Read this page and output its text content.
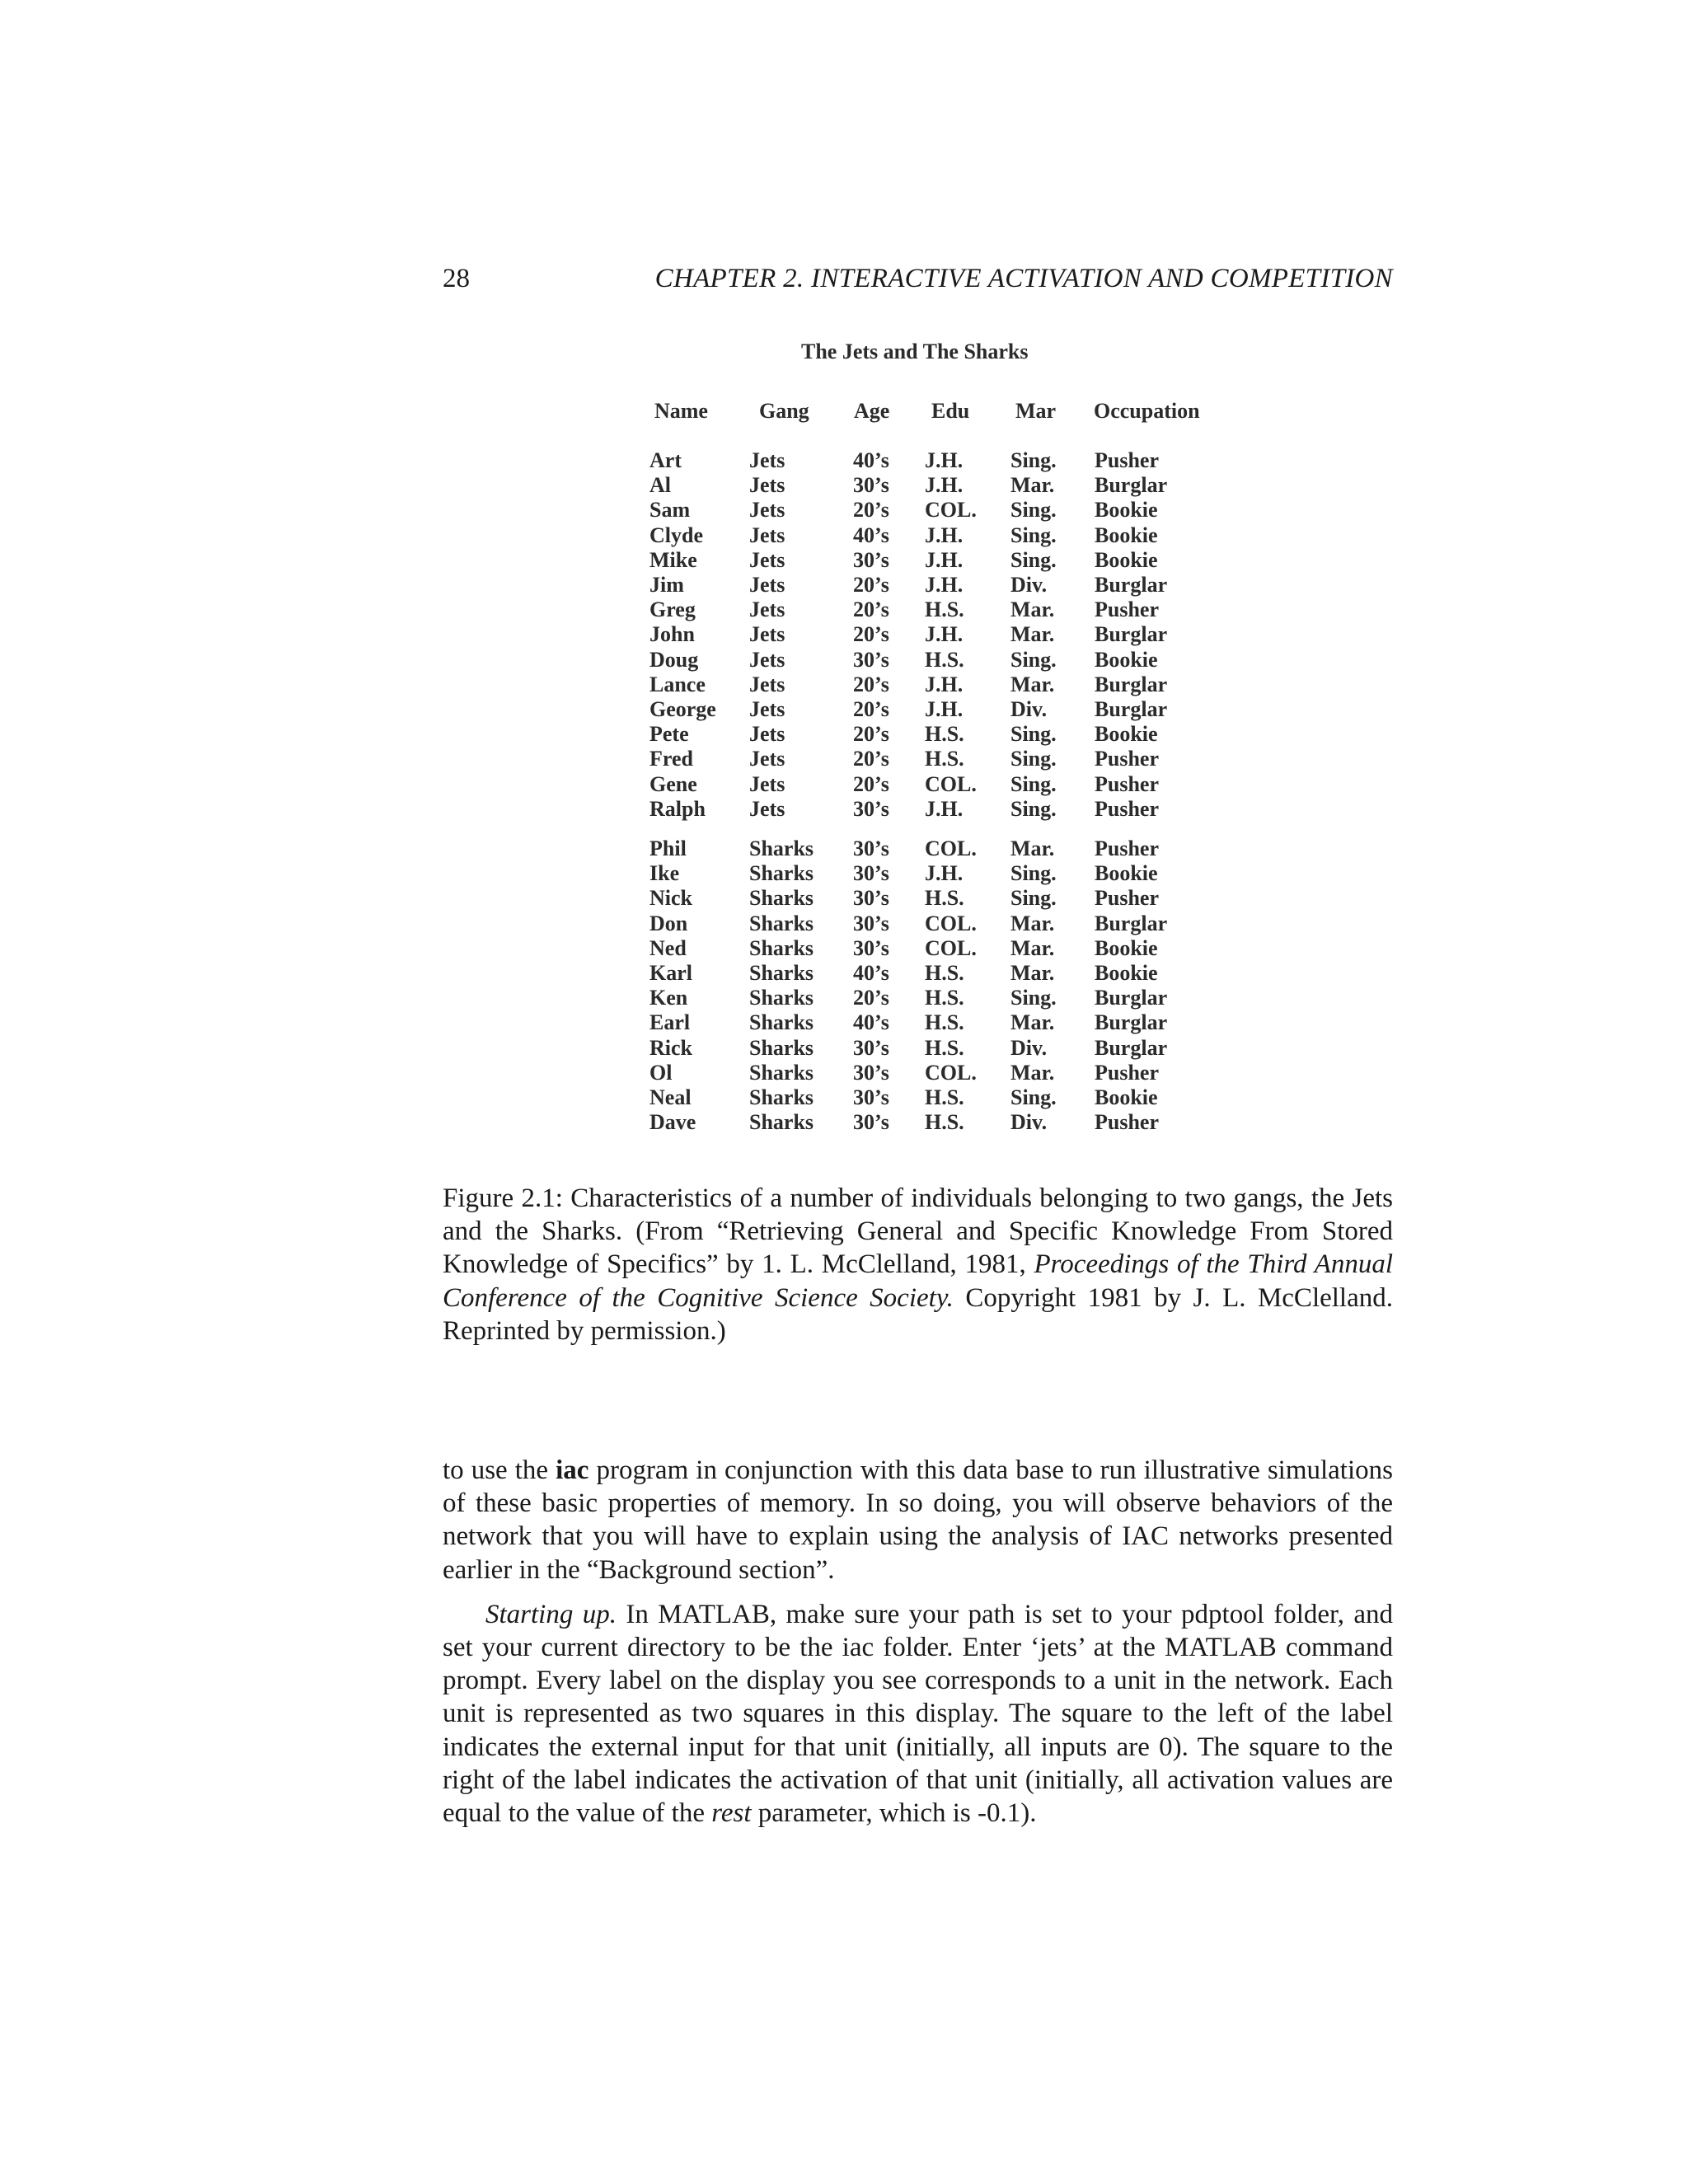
28	CHAPTER 2. INTERACTIVE ACTIVATION AND COMPETITION
The Jets and The Sharks
Name Gang Age Edu Mar Occupation
Art	Jets	40’s J.H. Sing. Pusher
Al	Jets	30’s J.H. Mar. Burglar
Sam	Jets	20’s COL. Sing. Bookie
Clyde Jets	40’s J.H. Sing. Bookie
Mike Jets	30’s J.H. Sing. Bookie
Jim	Jets	20’s J.H. Div. Burglar
Greg	Jets	20’s H.S. Mar. Pusher
John	Jets	20’s J.H. Mar. Burglar
Doug Jets	30’s H.S. Sing. Bookie
Lance Jets	20’s J.H. Mar. Burglar
George Jets	20’s J.H. Div. Burglar
Pete	Jets	20’s H.S. Sing. Bookie
Fred	Jets	20’s H.S. Sing. Pusher
Gene Jets	20’s COL. Sing. Pusher
Ralph Jets	30’s J.H. Sing. Pusher
Phil	Sharks 30’s COL. Mar. Pusher
Ike	Sharks 30’s J.H. Sing. Bookie
Nick	Sharks 30’s H.S. Sing. Pusher
Don	Sharks 30’s COL. Mar. Burglar
Ned	Sharks 30’s COL. Mar. Bookie
Karl	Sharks 40’s H.S. Mar. Bookie
Ken	Sharks 20’s H.S. Sing. Burglar
Earl	Sharks 40’s H.S. Mar. Burglar
Rick	Sharks 30’s H.S. Div. Burglar
Ol	Sharks 30’s COL. Mar. Pusher
Neal	Sharks 30’s H.S. Sing. Bookie
Dave Sharks 30’s H.S. Div. Pusher
Figure 2.1: Characteristics of a number of individuals belonging to two gangs, the Jets and the Sharks. (From “Retrieving General and Specific Knowledge From Stored Knowledge of Specifics” by 1. L. McClelland, 1981, Proceedings of the Third Annual Conference of the Cognitive Science Society. Copyright 1981 by J. L. McClelland. Reprinted by permission.)

to use the iac program in conjunction with this data base to run illustrative simulations of these basic properties of memory. In so doing, you will observe behaviors of the network that you will have to explain using the analysis of IAC networks presented earlier in the “Background section”.

Starting up. In MATLAB, make sure your path is set to your pdptool folder, and set your current directory to be the iac folder. Enter ‘jets’ at the MATLAB command prompt. Every label on the display you see corresponds to a unit in the network. Each unit is represented as two squares in this display. The square to the left of the label indicates the external input for that unit (initially, all inputs are 0). The square to the right of the label indicates the activation of that unit (initially, all activation values are equal to the value of the rest parameter, which is -0.1).
